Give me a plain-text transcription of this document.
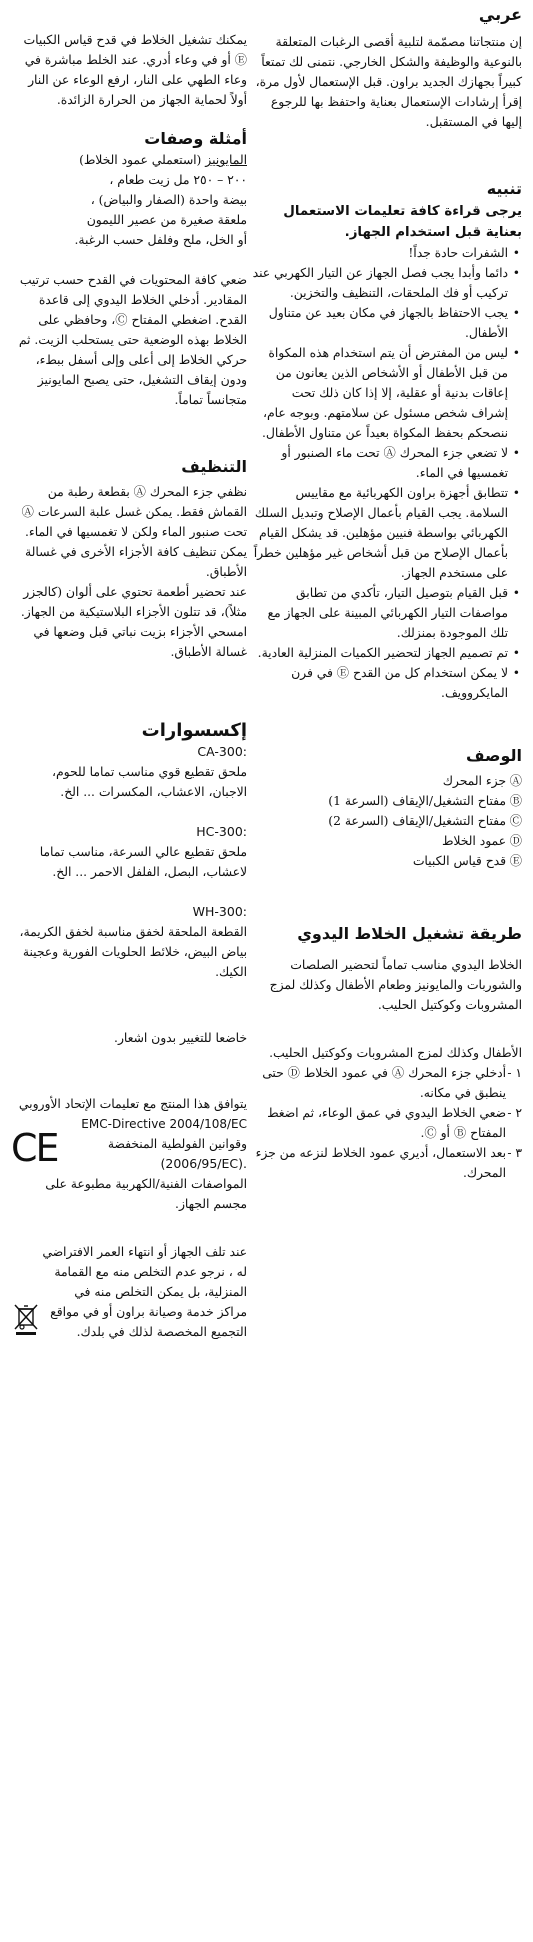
عربي

إن منتجاتنا مصمّمة لتلبية أقصى الرغبات المتعلقة بالنوعية والوظيفة والشكل الخارجي. نتمنى لك تمتعاً كبيراً بجهازك الجديد براون. قبل الإستعمال لأول مرة، إقرأ إرشادات الإستعمال بعناية واحتفظ بها للرجوع إليها في المستقبل.

تنبيه
يرجى قراءة كافة تعليمات الاستعمال بعناية قبل استخدام الجهاز.
• الشفرات حادة جداً!
• دائما وأبدا يجب فصل الجهاز عن التيار الكهربي عند تركيب أو فك الملحقات، التنظيف والتخزين.
• يجب الاحتفاظ بالجهاز في مكان بعيد عن متناول الأطفال.
• ليس من المفترض أن يتم استخدام هذه المكواة من قبل الأطفال أو الأشخاص الذين يعانون من إعاقات بدنية أو عقلية، إلا إذا كان ذلك تحت إشراف شخص مسئول عن سلامتهم. وبوجه عام، ننصحكم بحفظ المكواة بعيداً عن متناول الأطفال.
• لا تضعي جزء المحرك Ⓐ تحت ماء الصنبور أو تغمسيها في الماء.
• تتطابق أجهزة براون الكهربائية مع مقاييس السلامة. يجب القيام بأعمال الإصلاح وتبديل السلك الكهربائي بواسطة فنيين مؤهلين. قد يشكل القيام بأعمال الإصلاح من قبل أشخاص غير مؤهلين خطراً على مستخدم الجهاز.
• قبل القيام بتوصيل التيار، تأكدي من تطابق مواصفات التيار الكهربائي المبينة على الجهاز مع تلك الموجودة بمنزلك.
• تم تصميم الجهاز لتحضير الكميات المنزلية العادية.
• لا يمكن استخدام كل من القدح Ⓔ في فرن المايكروويف.
الوصف
Ⓐ
جزء المحرك
Ⓑ
مفتاح التشغيل/الإيقاف (السرعة 1)
Ⓒ
مفتاح التشغيل/الإيقاف (السرعة 2)
Ⓓ
عمود الخلاط
Ⓔ
قدح قياس الكبيات
طريقة تشغيل الخلاط اليدوي

الخلاط اليدوي مناسب تماماً لتحضير الصلصات والشوربات والمايونيز وطعام الأطفال وكذلك لمزج المشروبات وكوكتيل الحليب.

الأطفال وكذلك لمزج المشروبات وكوكتيل الحليب.

١ -
أدخلي جزء المحرك Ⓐ في عمود الخلاط Ⓓ حتى ينطبق في مكانه.
٢ -
ضعي الخلاط اليدوي في عمق الوعاء، ثم اضغط المفتاح Ⓑ أو Ⓒ.
٣ -
بعد الاستعمال، أديري عمود الخلاط لنزعه من جزء المحرك.

يمكنك تشغيل الخلاط في قدح قياس الكبيات Ⓔ أو في وعاء أدري. عند الخلط مباشرة في وعاء الطهي على النار، ارفع الوعاء عن النار أولاً لحماية الجهاز من الحرارة الزائدة.

أمثلة وصفات

المايونيز (استعملي عمود الخلاط)

٢٠٠ – ٢٥٠ مل زيت طعام ،

بيضة واحدة (الصفار والبياض) ،

ملعقة صغيرة من عصير الليمون

أو الخل، ملح وفلفل حسب الرغبة.

ضعي كافة المحتويات في القدح حسب ترتيب المقادير. أدخلي الخلاط اليدوي إلى قاعدة القدح. اضغطي المفتاح Ⓒ، وحافظي على الخلاط بهذه الوضعية حتى يستحلب الزيت. ثم حركي الخلاط إلى أعلى وإلى أسفل ببطء، ودون إيقاف التشغيل، حتى يصبح المايونيز متجانساً تماماً.

التنظيف

نظفي جزء المحرك Ⓐ بقطعة رطبة من القماش فقط. يمكن غسل علبة السرعات Ⓐ تحت صنبور الماء ولكن لا تغمسيها في الماء.

يمكن تنظيف كافة الأجزاء الأخرى في غسالة الأطباق.

عند تحضير أطعمة تحتوي على ألوان (كالجزر مثلاً)، قد تتلون الأجزاء البلاستيكية من الجهاز.

امسحي الأجزاء بزيت نباتي قبل وضعها في غسالة الأطباق.

إكسسوارات
CA-300:

ملحق تقطيع قوي مناسب تماما للحوم، الاجبان، الاعشاب، المكسرات ... الخ.

HC-300:

ملحق تقطيع عالي السرعة، مناسب تماما لاعشاب، البصل، الفلفل الاحمر ... الخ.

WH-300:

القطعة الملحقة لخفق مناسبة لخفق الكريمة، بياض البيض، خلائط الحلويات الفورية وعجينة الكيك.

خاضعا للتغيير بدون اشعار.

يتوافق هذا المنتج مع تعليمات الإتحاد الأوروبي

EMC-Directive 2004/108/EC

وقوانين الفولطية المنخفضة

(2006/95/EC).

المواصفات الفنية/الكهربية مطبوعة على مجسم الجهاز.

CE

عند تلف الجهاز أو انتهاء العمر الافتراضي له ، نرجو عدم التخلص منه مع القمامة المنزلية، بل يمكن التخلص منه في مراكز خدمة وصيانة براون أو في مواقع التجميع المخصصة لذلك في بلدك.
